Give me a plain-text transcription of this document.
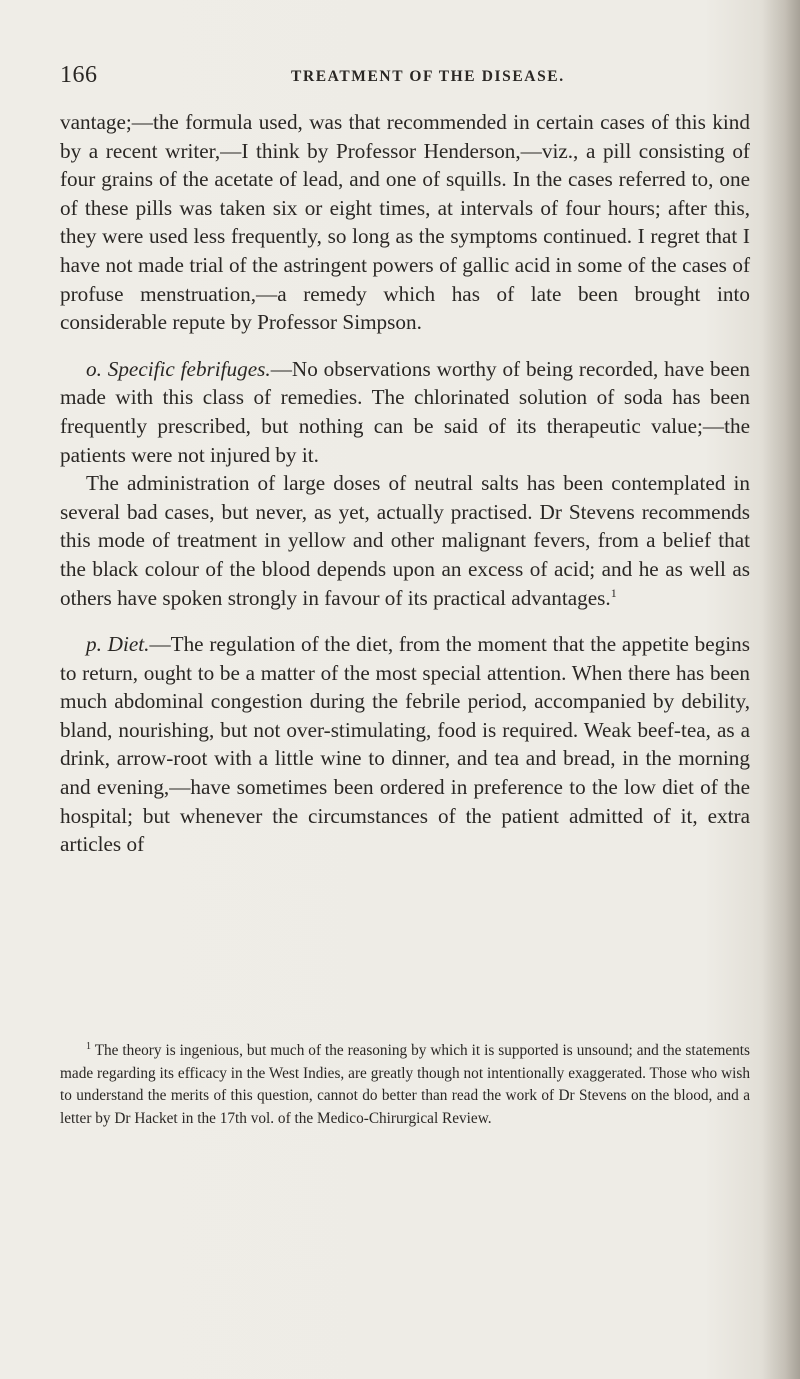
166	TREATMENT OF THE DISEASE.

vantage;—the formula used, was that recommended in certain cases of this kind by a recent writer,—I think by Professor Henderson,—viz., a pill consisting of four grains of the acetate of lead, and one of squills. In the cases referred to, one of these pills was taken six or eight times, at intervals of four hours; after this, they were used less frequently, so long as the symptoms continued. I regret that I have not made trial of the astringent powers of gallic acid in some of the cases of profuse menstruation,—a remedy which has of late been brought into considerable repute by Professor Simpson.

o. Specific febrifuges.—No observations worthy of being recorded, have been made with this class of remedies. The chlorinated solution of soda has been frequently prescribed, but nothing can be said of its therapeutic value;—the patients were not injured by it.

The administration of large doses of neutral salts has been contemplated in several bad cases, but never, as yet, actually practised. Dr Stevens recommends this mode of treatment in yellow and other malignant fevers, from a belief that the black colour of the blood depends upon an excess of acid; and he as well as others have spoken strongly in favour of its practical advantages.$^1$

p. Diet.—The regulation of the diet, from the moment that the appetite begins to return, ought to be a matter of the most special attention. When there has been much abdominal congestion during the febrile period, accompanied by debility, bland, nourishing, but not over-stimulating, food is required. Weak beef-tea, as a drink, arrow-root with a little wine to dinner, and tea and bread, in the morning and evening,—have sometimes been ordered in preference to the low diet of the hospital; but whenever the circumstances of the patient admitted of it, extra articles of

$^1$ The theory is ingenious, but much of the reasoning by which it is supported is unsound; and the statements made regarding its efficacy in the West Indies, are greatly though not intentionally exaggerated. Those who wish to understand the merits of this question, cannot do better than read the work of Dr Stevens on the blood, and a letter by Dr Hacket in the 17th vol. of the Medico-Chirurgical Review.
